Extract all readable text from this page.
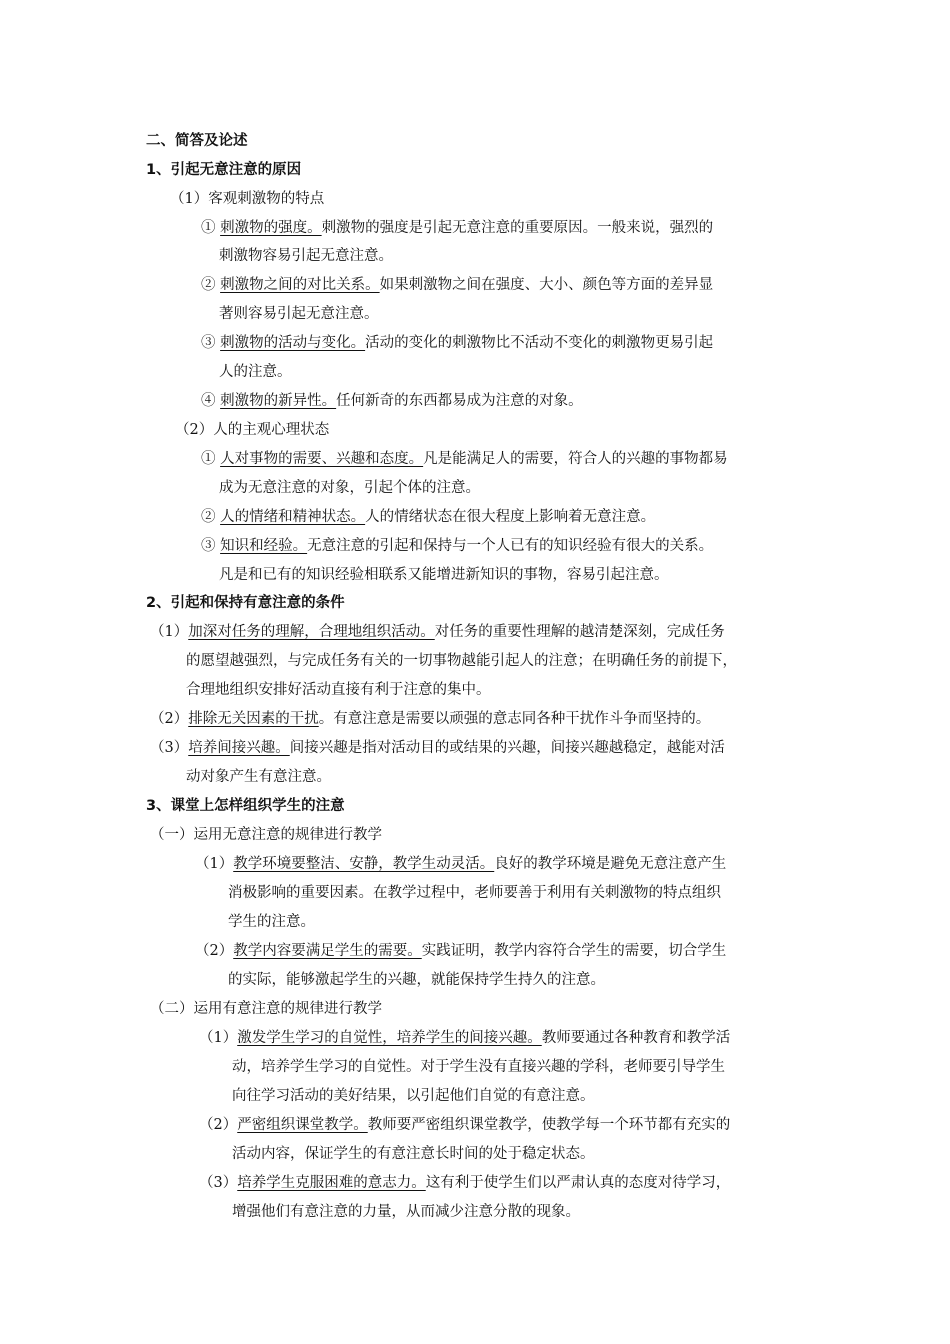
二、简答及论述
1、引起无意注意的原因
（1）客观刺激物的特点
① 刺激物的强度。刺激物的强度是引起无意注意的重要原因。一般来说，强烈的
刺激物容易引起无意注意。
② 刺激物之间的对比关系。如果刺激物之间在强度、大小、颜色等方面的差异显
著则容易引起无意注意。
③ 刺激物的活动与变化。活动的变化的刺激物比不活动不变化的刺激物更易引起
人的注意。
④ 刺激物的新异性。任何新奇的东西都易成为注意的对象。
（2）人的主观心理状态
① 人对事物的需要、兴趣和态度。凡是能满足人的需要，符合人的兴趣的事物都易
成为无意注意的对象，引起个体的注意。
② 人的情绪和精神状态。人的情绪状态在很大程度上影响着无意注意。
③ 知识和经验。无意注意的引起和保持与一个人已有的知识经验有很大的关系。
凡是和已有的知识经验相联系又能增进新知识的事物，容易引起注意。
2、引起和保持有意注意的条件
（1）加深对任务的理解，合理地组织活动。对任务的重要性理解的越清楚深刻，完成任务
的愿望越强烈，与完成任务有关的一切事物越能引起人的注意；在明确任务的前提下，
合理地组织安排好活动直接有利于注意的集中。
（2）排除无关因素的干扰。有意注意是需要以顽强的意志同各种干扰作斗争而坚持的。
（3）培养间接兴趣。间接兴趣是指对活动目的或结果的兴趣，间接兴趣越稳定，越能对活
动对象产生有意注意。
3、课堂上怎样组织学生的注意
（一）运用无意注意的规律进行教学
（1）教学环境要整洁、安静，教学生动灵活。良好的教学环境是避免无意注意产生
消极影响的重要因素。在教学过程中，老师要善于利用有关刺激物的特点组织
学生的注意。
（2）教学内容要满足学生的需要。实践证明，教学内容符合学生的需要，切合学生
的实际，能够激起学生的兴趣，就能保持学生持久的注意。
（二）运用有意注意的规律进行教学
（1）激发学生学习的自觉性，培养学生的间接兴趣。教师要通过各种教育和教学活
动，培养学生学习的自觉性。对于学生没有直接兴趣的学科，老师要引导学生
向往学习活动的美好结果，以引起他们自觉的有意注意。
（2）严密组织课堂教学。教师要严密组织课堂教学，使教学每一个环节都有充实的
活动内容，保证学生的有意注意长时间的处于稳定状态。
（3）培养学生克服困难的意志力。这有利于使学生们以严肃认真的态度对待学习，
增强他们有意注意的力量，从而减少注意分散的现象。
